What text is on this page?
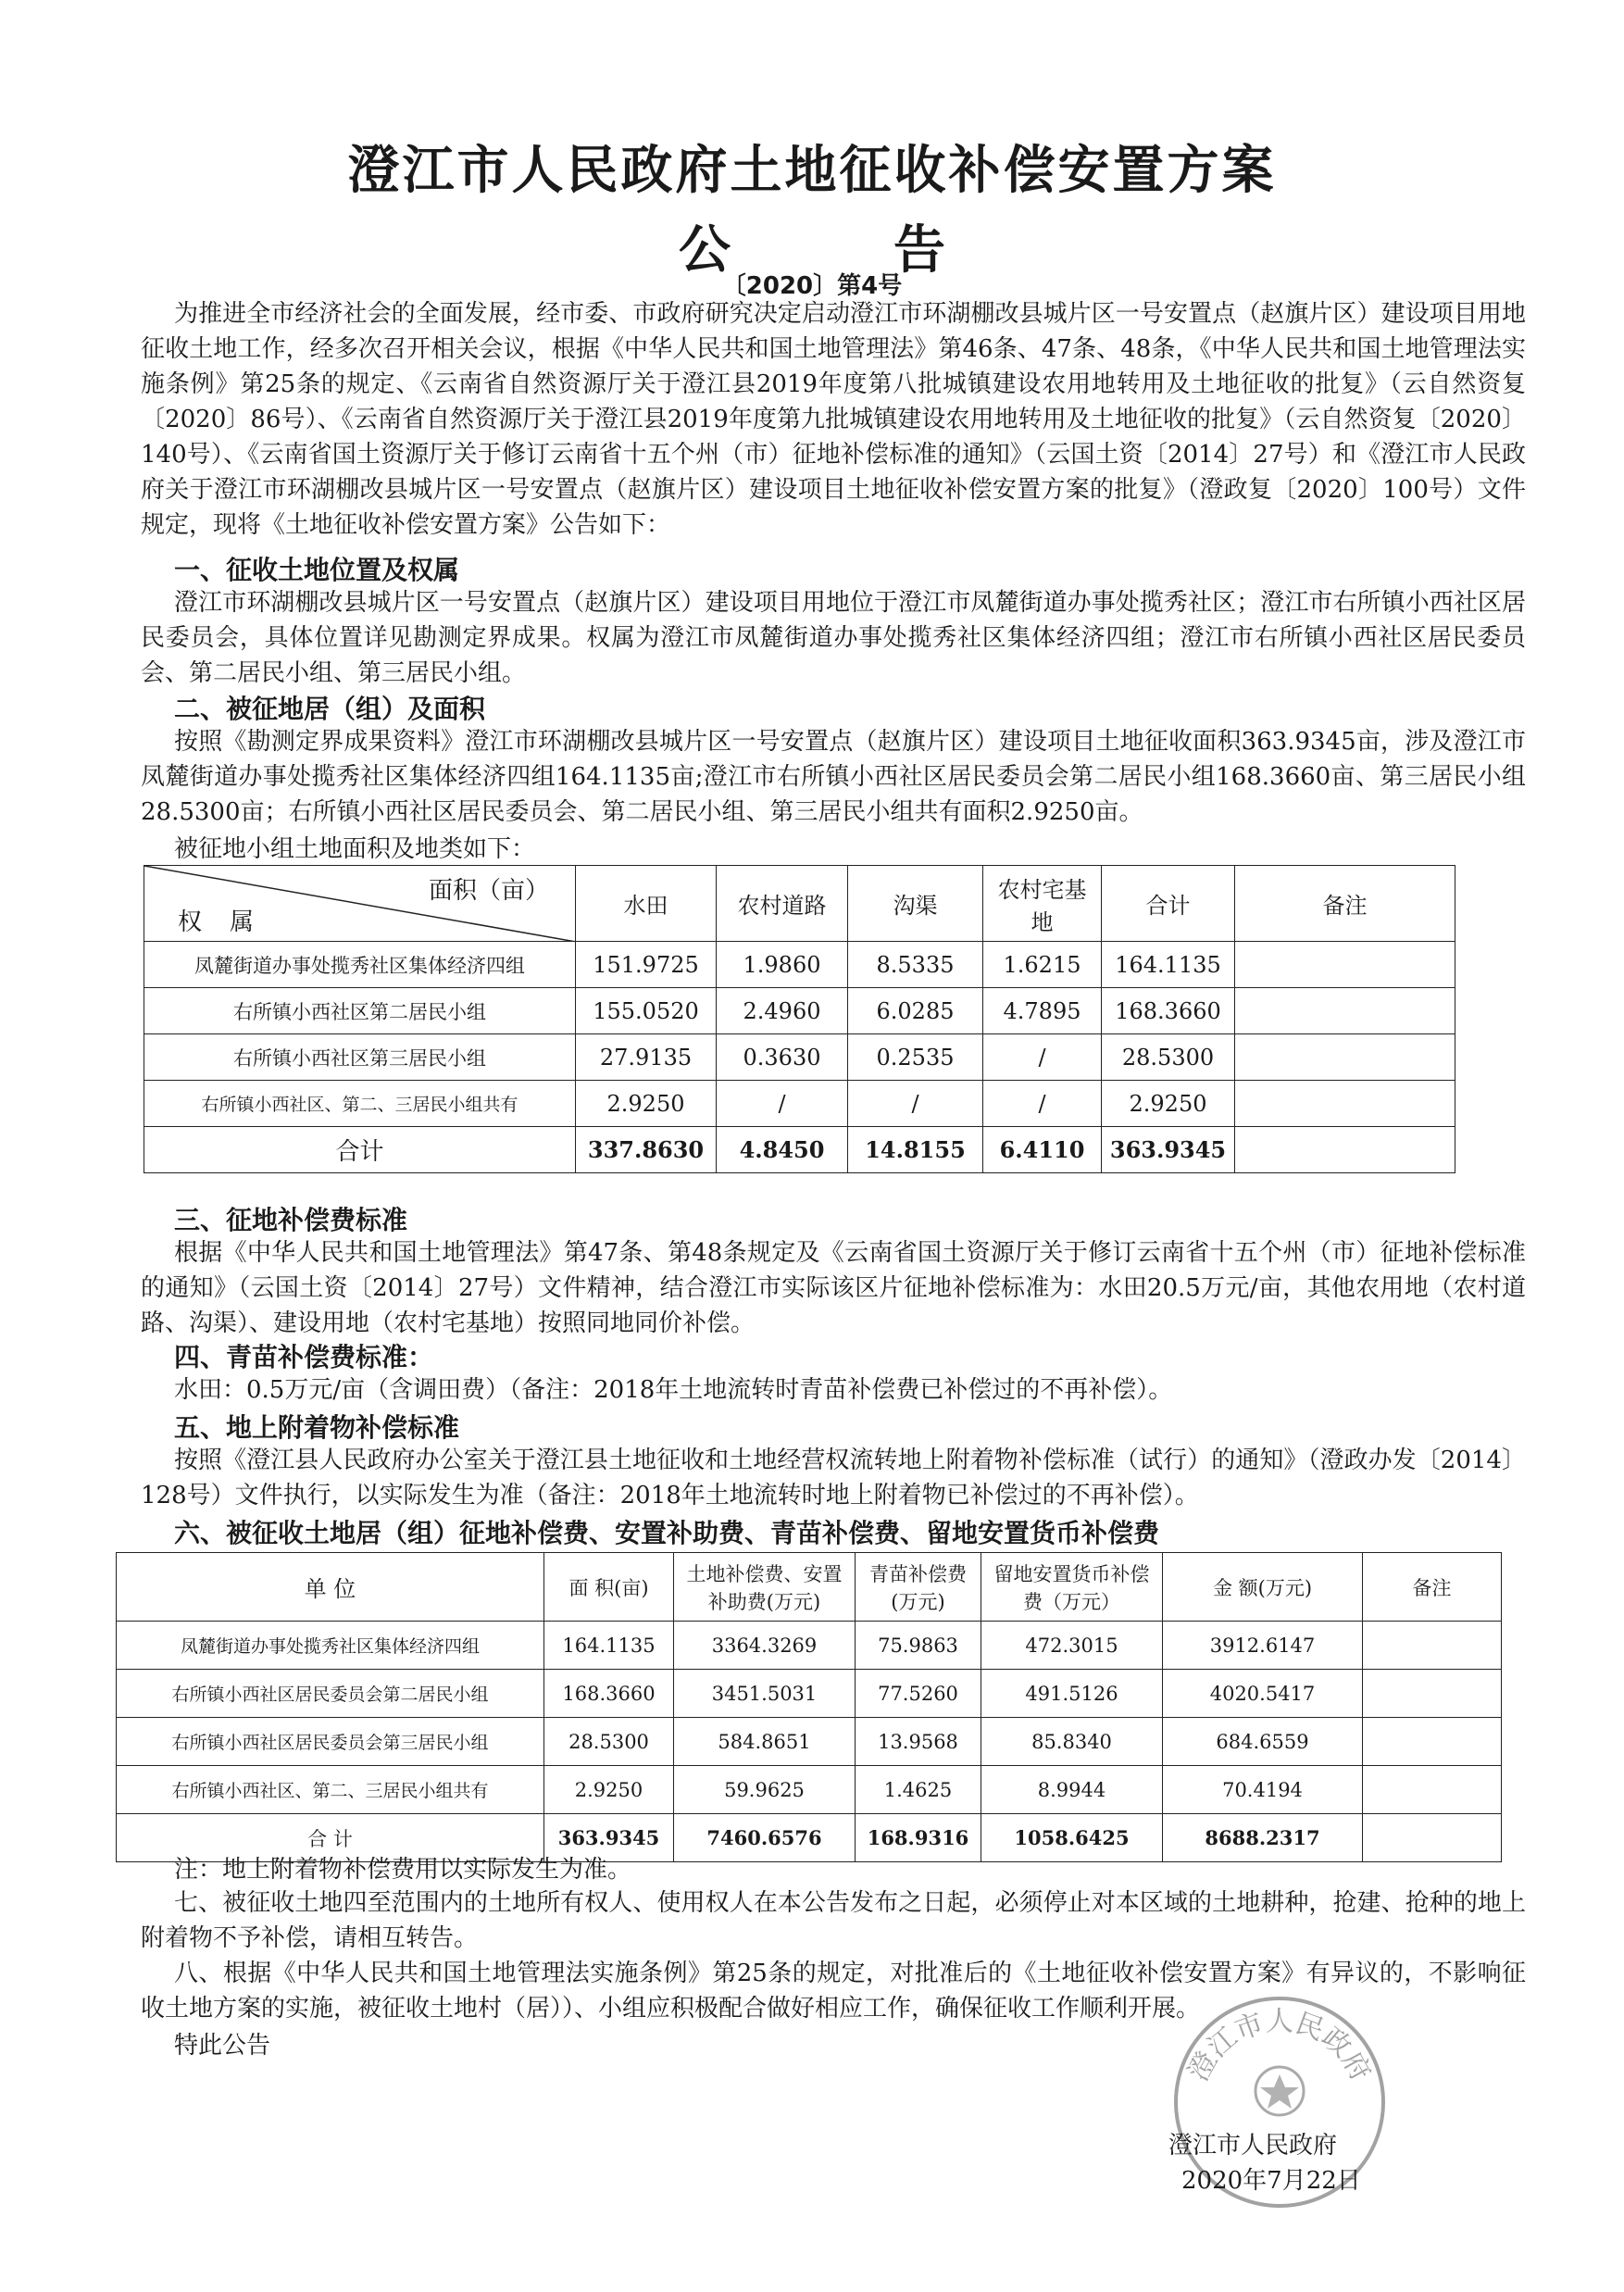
澄江市人民政府土地征收补偿安置方案
公	告
〔2020〕第4号
为推进全市经济社会的全面发展，经市委、市政府研究决定启动澄江市环湖棚改县城片区一号安置点（赵旗片区）建设项目用地征收土地工作，经多次召开相关会议，根据《中华人民共和国土地管理法》第46条、47条、48条，《中华人民共和国土地管理法实施条例》第25条的规定、《云南省自然资源厅关于澄江县2019年度第八批城镇建设农用地转用及土地征收的批复》（云自然资复〔2020〕86号）、《云南省自然资源厅关于澄江县2019年度第九批城镇建设农用地转用及土地征收的批复》（云自然资复〔2020〕140号）、《云南省国土资源厅关于修订云南省十五个州（市）征地补偿标准的通知》（云国土资〔2014〕27号）和《澄江市人民政府关于澄江市环湖棚改县城片区一号安置点（赵旗片区）建设项目土地征收补偿安置方案的批复》（澄政复〔2020〕100号）文件规定，现将《土地征收补偿安置方案》公告如下：
一、征收土地位置及权属
澄江市环湖棚改县城片区一号安置点（赵旗片区）建设项目用地位于澄江市凤麓街道办事处揽秀社区；澄江市右所镇小西社区居民委员会，具体位置详见勘测定界成果。权属为澄江市凤麓街道办事处揽秀社区集体经济四组；澄江市右所镇小西社区居民委员会、第二居民小组、第三居民小组。
二、被征地居（组）及面积
按照《勘测定界成果资料》澄江市环湖棚改县城片区一号安置点（赵旗片区）建设项目土地征收面积363.9345亩，涉及澄江市凤麓街道办事处揽秀社区集体经济四组164.1135亩;澄江市右所镇小西社区居民委员会第二居民小组168.3660亩、第三居民小组28.5300亩；右所镇小西社区居民委员会、第二居民小组、第三居民小组共有面积2.9250亩。
被征地小组土地面积及地类如下：
面积（亩）
权属	水田	农村道路	沟渠	农村宅基地	合计	备注
凤麓街道办事处揽秀社区集体经济四组	151.9725	1.9860	8.5335	1.6215	164.1135	
右所镇小西社区第二居民小组	155.0520	2.4960	6.0285	4.7895	168.3660	
右所镇小西社区第三居民小组	27.9135	0.3630	0.2535	/	28.5300	
右所镇小西社区、第二、三居民小组共有	2.9250	/	/	/	2.9250	
合计	337.8630	4.8450	14.8155	6.4110	363.9345	
三、征地补偿费标准
根据《中华人民共和国土地管理法》第47条、第48条规定及《云南省国土资源厅关于修订云南省十五个州（市）征地补偿标准的通知》（云国土资〔2014〕27号）文件精神，结合澄江市实际该区片征地补偿标准为：水田20.5万元/亩，其他农用地（农村道路、沟渠）、建设用地（农村宅基地）按照同地同价补偿。
四、青苗补偿费标准：
水田：0.5万元/亩（含调田费）（备注：2018年土地流转时青苗补偿费已补偿过的不再补偿）。
五、地上附着物补偿标准
按照《澄江县人民政府办公室关于澄江县土地征收和土地经营权流转地上附着物补偿标准（试行）的通知》（澄政办发〔2014〕128号）文件执行，以实际发生为准（备注：2018年土地流转时地上附着物已补偿过的不再补偿）。
六、被征收土地居（组）征地补偿费、安置补助费、青苗补偿费、留地安置货币补偿费
单 位	面 积(亩)	土地补偿费、安置补助费(万元)	青苗补偿费(万元)	留地安置货币补偿费（万元）	金 额(万元)	备注
凤麓街道办事处揽秀社区集体经济四组	164.1135	3364.3269	75.9863	472.3015	3912.6147	
右所镇小西社区居民委员会第二居民小组	168.3660	3451.5031	77.5260	491.5126	4020.5417	
右所镇小西社区居民委员会第三居民小组	28.5300	584.8651	13.9568	85.8340	684.6559	
右所镇小西社区、第二、三居民小组共有	2.9250	59.9625	1.4625	8.9944	70.4194	
合 计	363.9345	7460.6576	168.9316	1058.6425	8688.2317	
注：地上附着物补偿费用以实际发生为准。
七、被征收土地四至范围内的土地所有权人、使用权人在本公告发布之日起，必须停止对本区域的土地耕种，抢建、抢种的地上附着物不予补偿，请相互转告。
八、根据《中华人民共和国土地管理法实施条例》第25条的规定，对批准后的《土地征收补偿安置方案》有异议的，不影响征收土地方案的实施，被征收土地村（居））、小组应积极配合做好相应工作，确保征收工作顺利开展。
特此公告
澄江市人民政府
澄江市人民政府
2020年7月22日
